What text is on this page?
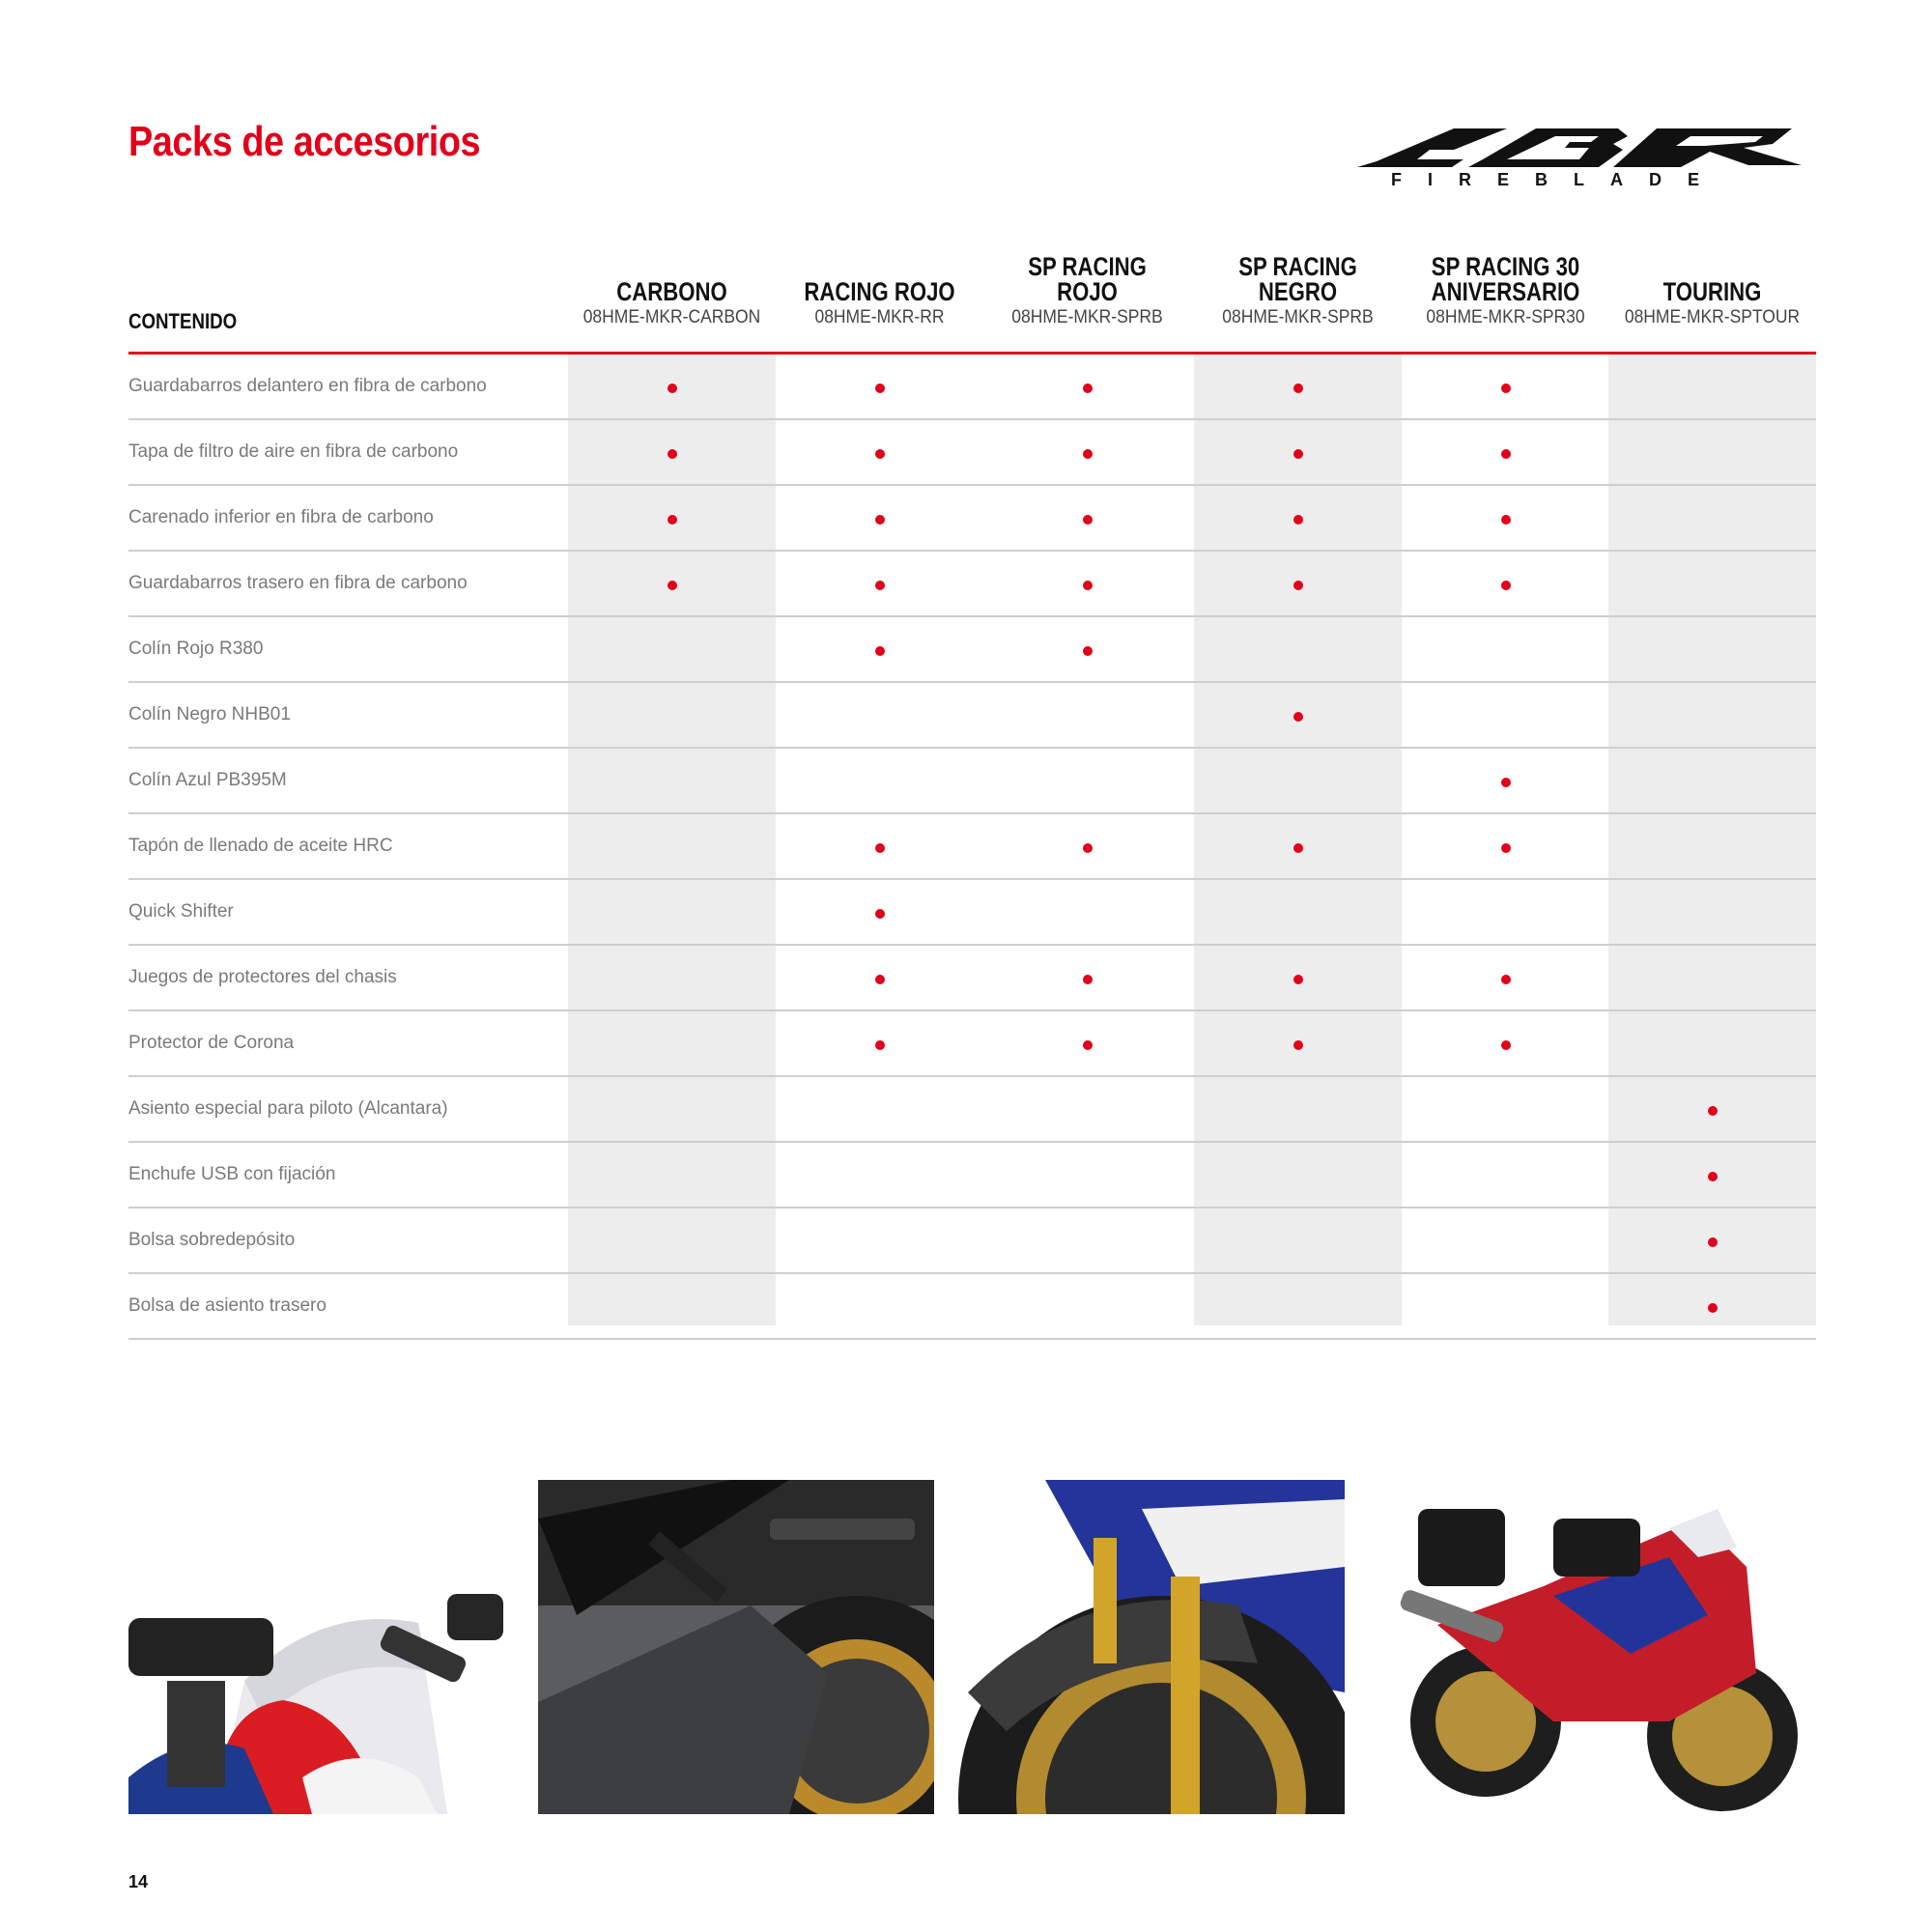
Packs de accesorios
FIREBLADE
CONTENIDO
CARBONO
08HME-MKR-CARBON
RACING ROJO
08HME-MKR-RR
SP RACING ROJO
08HME-MKR-SPRB
SP RACING NEGRO
08HME-MKR-SPRB
SP RACING 30 ANIVERSARIO
08HME-MKR-SPR30
TOURING
08HME-MKR-SPTOUR
Guardabarros delantero en fibra de carbono
Tapa de filtro de aire en fibra de carbono
Carenado inferior en fibra de carbono
Guardabarros trasero en fibra de carbono
Colín Rojo R380
Colín Negro NHB01
Colín Azul PB395M
Tapón de llenado de aceite HRC
Quick Shifter
Juegos de protectores del chasis
Protector de Corona
Asiento especial para piloto (Alcantara)
Enchufe USB con fijación
Bolsa sobredepósito
Bolsa de asiento trasero
14
